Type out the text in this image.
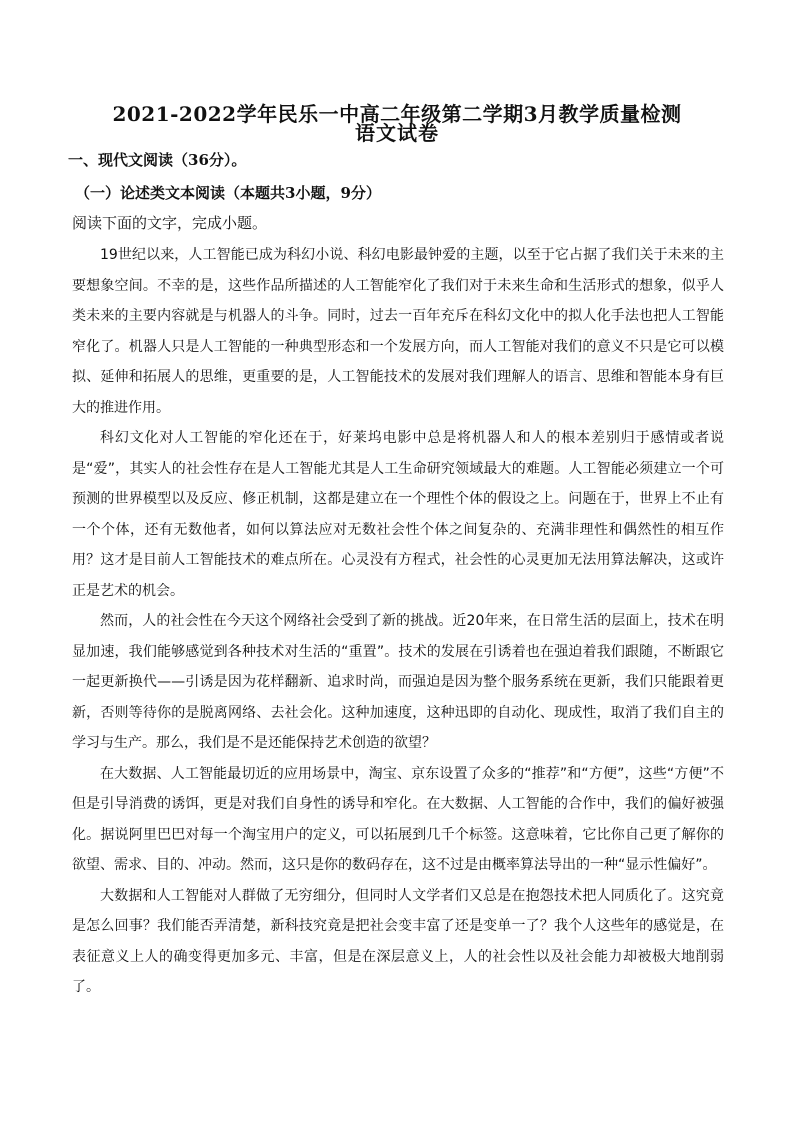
2021-2022学年民乐一中高二年级第二学期3月教学质量检测
语文试卷
一、现代文阅读（36分）。
（一）论述类文本阅读（本题共3小题，9分）
阅读下面的文字，完成小题。

19世纪以来，人工智能已成为科幻小说、科幻电影最钟爱的主题，以至于它占据了我们关于未来的主要想象空间。不幸的是，这些作品所描述的人工智能窄化了我们对于未来生命和生活形式的想象，似乎人类未来的主要内容就是与机器人的斗争。同时，过去一百年充斥在科幻文化中的拟人化手法也把人工智能窄化了。机器人只是人工智能的一种典型形态和一个发展方向，而人工智能对我们的意义不只是它可以模拟、延伸和拓展人的思维，更重要的是，人工智能技术的发展对我们理解人的语言、思维和智能本身有巨大的推进作用。

科幻文化对人工智能的窄化还在于，好莱坞电影中总是将机器人和人的根本差别归于感情或者说是“爱”，其实人的社会性存在是人工智能尤其是人工生命研究领域最大的难题。人工智能必须建立一个可预测的世界模型以及反应、修正机制，这都是建立在一个理性个体的假设之上。问题在于，世界上不止有一个个体，还有无数他者，如何以算法应对无数社会性个体之间复杂的、充满非理性和偶然性的相互作用？这才是目前人工智能技术的难点所在。心灵没有方程式，社会性的心灵更加无法用算法解决，这或许正是艺术的机会。

然而，人的社会性在今天这个网络社会受到了新的挑战。近20年来，在日常生活的层面上，技术在明显加速，我们能够感觉到各种技术对生活的“重置”。技术的发展在引诱着也在强迫着我们跟随，不断跟它一起更新换代——引诱是因为花样翻新、追求时尚，而强迫是因为整个服务系统在更新，我们只能跟着更新，否则等待你的是脱离网络、去社会化。这种加速度，这种迅即的自动化、现成性，取消了我们自主的学习与生产。那么，我们是不是还能保持艺术创造的欲望？

在大数据、人工智能最切近的应用场景中，淘宝、京东设置了众多的“推荐”和“方便”，这些“方便”不但是引导消费的诱饵，更是对我们自身性的诱导和窄化。在大数据、人工智能的合作中，我们的偏好被强化。据说阿里巴巴对每一个淘宝用户的定义，可以拓展到几千个标签。这意味着，它比你自己更了解你的欲望、需求、目的、冲动。然而，这只是你的数码存在，这不过是由概率算法导出的一种“显示性偏好”。

大数据和人工智能对人群做了无穷细分，但同时人文学者们又总是在抱怨技术把人同质化了。这究竟是怎么回事？我们能否弄清楚，新科技究竟是把社会变丰富了还是变单一了？我个人这些年的感觉是，在表征意义上人的确变得更加多元、丰富，但是在深层意义上，人的社会性以及社会能力却被极大地削弱了。
